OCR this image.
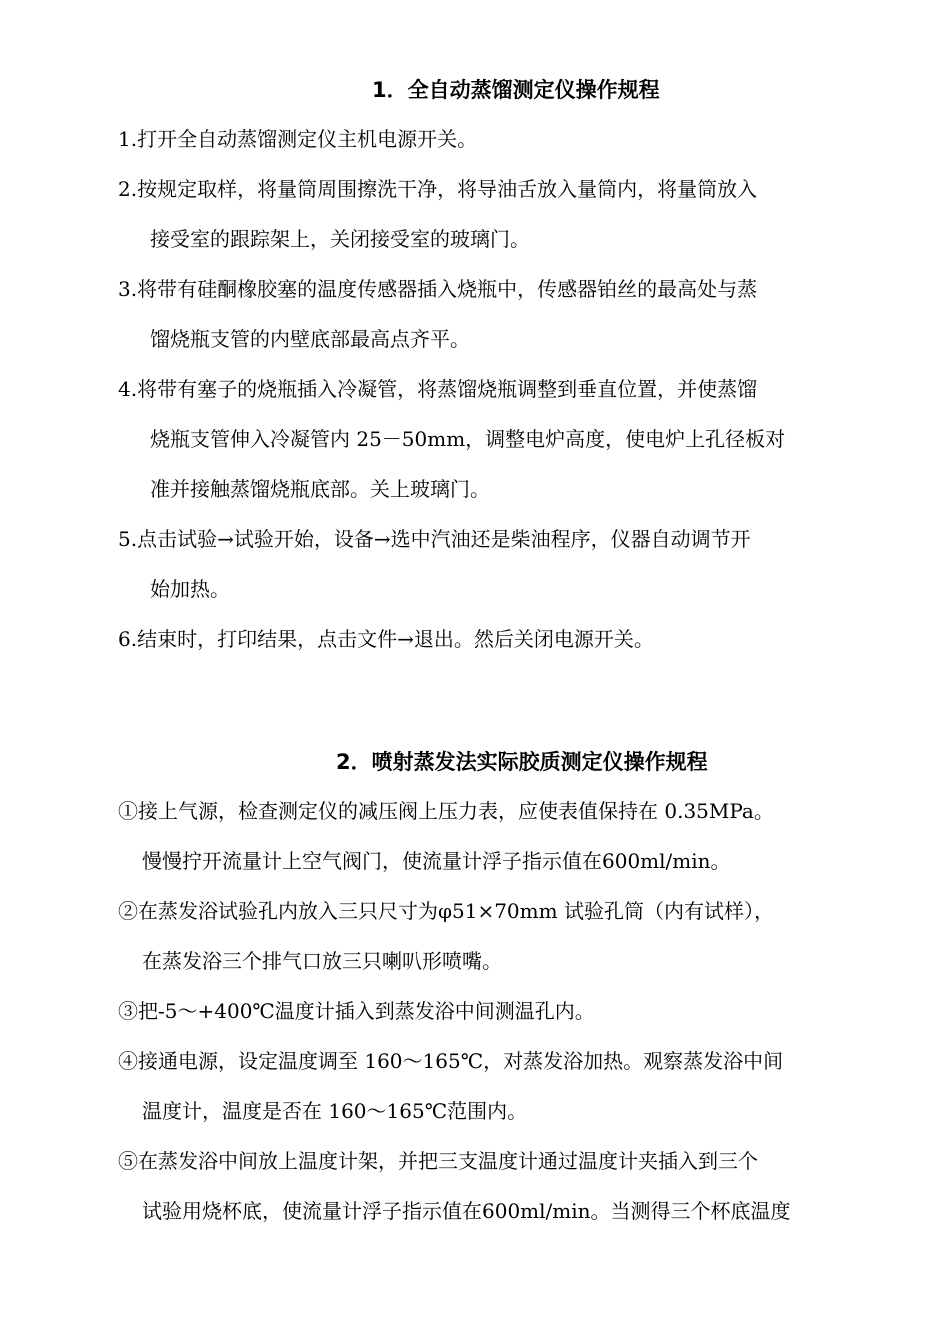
1．全自动蒸馏测定仪操作规程
1.打开全自动蒸馏测定仪主机电源开关。
2.按规定取样，将量筒周围擦洗干净，将导油舌放入量筒内，将量筒放入
接受室的跟踪架上，关闭接受室的玻璃门。
3.将带有硅酮橡胶塞的温度传感器插入烧瓶中，传感器铂丝的最高处与蒸
馏烧瓶支管的内壁底部最高点齐平。
4.将带有塞子的烧瓶插入冷凝管，将蒸馏烧瓶调整到垂直位置，并使蒸馏
烧瓶支管伸入冷凝管内 25－50mm，调整电炉高度，使电炉上孔径板对
准并接触蒸馏烧瓶底部。关上玻璃门。
5.点击试验→试验开始，设备→选中汽油还是柴油程序，仪器自动调节开
始加热。
6.结束时，打印结果，点击文件→退出。然后关闭电源开关。
2．喷射蒸发法实际胶质测定仪操作规程
①接上气源，检查测定仪的减压阀上压力表，应使表值保持在 0.35MPa。
慢慢拧开流量计上空气阀门，使流量计浮子指示值在600ml/min。
②在蒸发浴试验孔内放入三只尺寸为φ51×70mm 试验孔筒（内有试样），
在蒸发浴三个排气口放三只喇叭形喷嘴。
③把-5～+400℃温度计插入到蒸发浴中间测温孔内。
④接通电源，设定温度调至 160～165℃，对蒸发浴加热。观察蒸发浴中间
温度计，温度是否在 160～165℃范围内。
⑤在蒸发浴中间放上温度计架，并把三支温度计通过温度计夹插入到三个
试验用烧杯底，使流量计浮子指示值在600ml/min。当测得三个杯底温度
